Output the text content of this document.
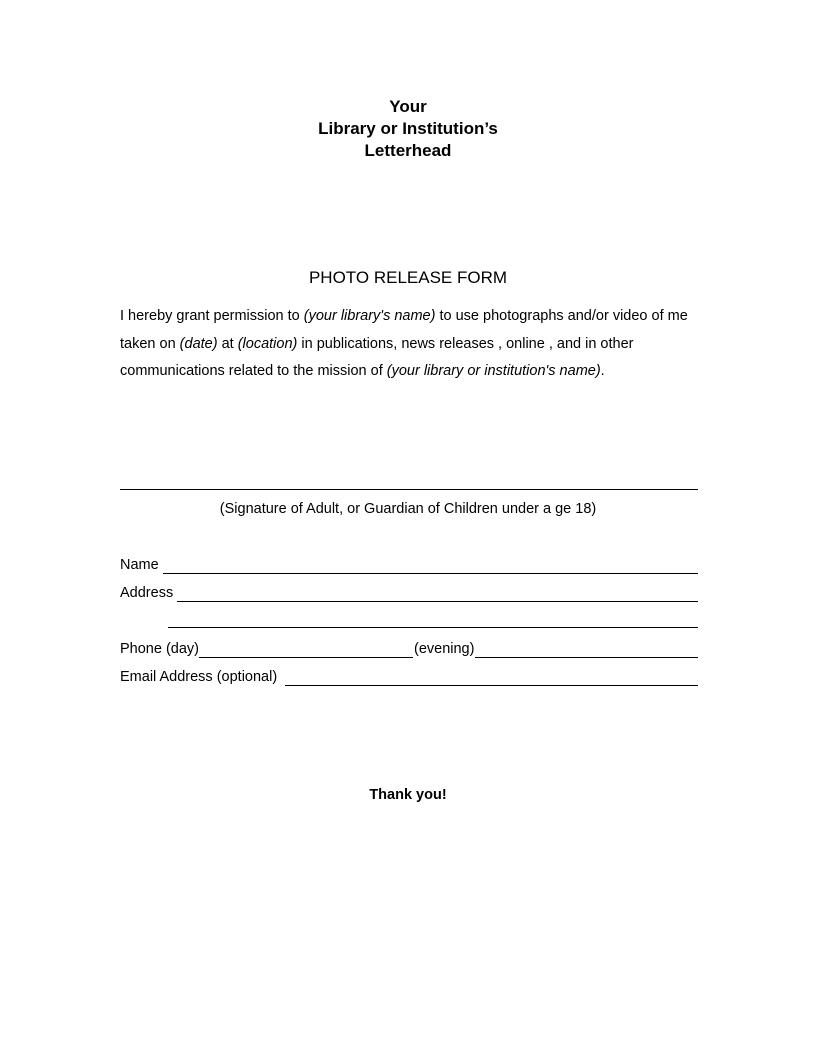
Your
Library or Institution’s
Letterhead
PHOTO RELEASE FORM
I hereby grant permission to (your library's name) to use photographs and/or video of me taken on (date) at (location) in publications, news releases , online , and in other communications related to the mission of (your library or institution's name).
(Signature of Adult, or Guardian of Children under a ge 18)
Name
Address
Phone (day)	(evening)
Email Address (optional)
Thank you!
